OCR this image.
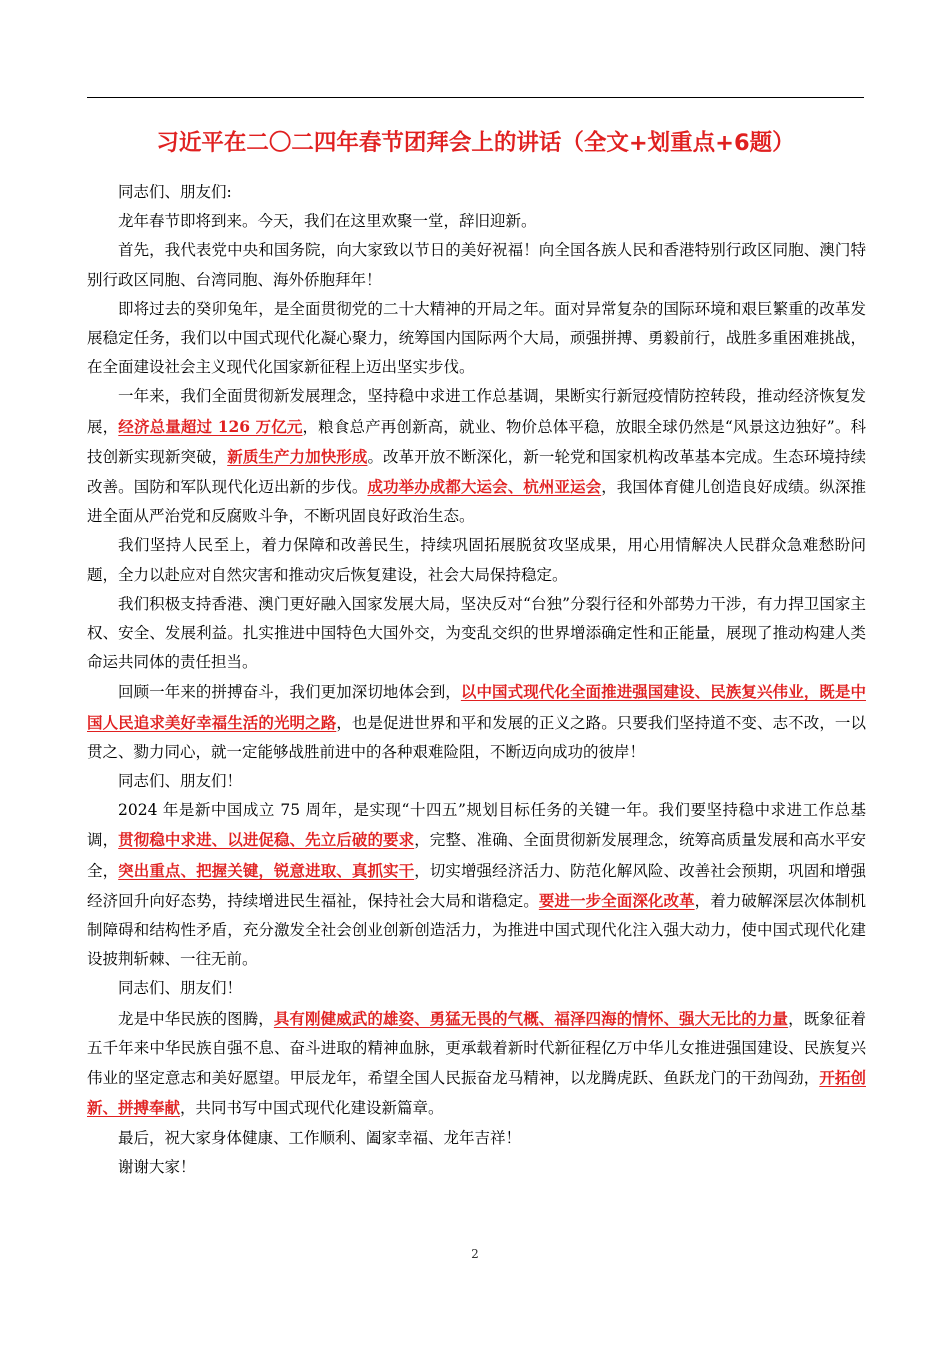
习近平在二〇二四年春节团拜会上的讲话（全文+划重点+6题）

同志们、朋友们:

龙年春节即将到来。今天，我们在这里欢聚一堂，辞旧迎新。

首先，我代表党中央和国务院，向大家致以节日的美好祝福！向全国各族人民和香港特别行政区同胞、澳门特别行政区同胞、台湾同胞、海外侨胞拜年！

即将过去的癸卯兔年，是全面贯彻党的二十大精神的开局之年。面对异常复杂的国际环境和艰巨繁重的改革发展稳定任务，我们以中国式现代化凝心聚力，统筹国内国际两个大局，顽强拼搏、勇毅前行，战胜多重困难挑战，在全面建设社会主义现代化国家新征程上迈出坚实步伐。

一年来，我们全面贯彻新发展理念，坚持稳中求进工作总基调，果断实行新冠疫情防控转段，推动经济恢复发展，经济总量超过 126 万亿元，粮食总产再创新高，就业、物价总体平稳，放眼全球仍然是“风景这边独好”。科技创新实现新突破，新质生产力加快形成。改革开放不断深化，新一轮党和国家机构改革基本完成。生态环境持续改善。国防和军队现代化迈出新的步伐。成功举办成都大运会、杭州亚运会，我国体育健儿创造良好成绩。纵深推进全面从严治党和反腐败斗争，不断巩固良好政治生态。

我们坚持人民至上，着力保障和改善民生，持续巩固拓展脱贫攻坚成果，用心用情解决人民群众急难愁盼问题，全力以赴应对自然灾害和推动灾后恢复建设，社会大局保持稳定。

我们积极支持香港、澳门更好融入国家发展大局，坚决反对“台独”分裂行径和外部势力干涉，有力捍卫国家主权、安全、发展利益。扎实推进中国特色大国外交，为变乱交织的世界增添确定性和正能量，展现了推动构建人类命运共同体的责任担当。

回顾一年来的拼搏奋斗，我们更加深切地体会到，以中国式现代化全面推进强国建设、民族复兴伟业，既是中国人民追求美好幸福生活的光明之路，也是促进世界和平和发展的正义之路。只要我们坚持道不变、志不改，一以贯之、勠力同心，就一定能够战胜前进中的各种艰难险阻，不断迈向成功的彼岸！

同志们、朋友们！

2024 年是新中国成立 75 周年，是实现“十四五”规划目标任务的关键一年。我们要坚持稳中求进工作总基调，贯彻稳中求进、以进促稳、先立后破的要求，完整、准确、全面贯彻新发展理念，统筹高质量发展和高水平安全，突出重点、把握关键，锐意进取、真抓实干，切实增强经济活力、防范化解风险、改善社会预期，巩固和增强经济回升向好态势，持续增进民生福祉，保持社会大局和谐稳定。要进一步全面深化改革，着力破解深层次体制机制障碍和结构性矛盾，充分激发全社会创业创新创造活力，为推进中国式现代化注入强大动力，使中国式现代化建设披荆斩棘、一往无前。

同志们、朋友们！

龙是中华民族的图腾，具有刚健威武的雄姿、勇猛无畏的气概、福泽四海的情怀、强大无比的力量，既象征着五千年来中华民族自强不息、奋斗进取的精神血脉，更承载着新时代新征程亿万中华儿女推进强国建设、民族复兴伟业的坚定意志和美好愿望。甲辰龙年，希望全国人民振奋龙马精神，以龙腾虎跃、鱼跃龙门的干劲闯劲，开拓创新、拼搏奉献，共同书写中国式现代化建设新篇章。

最后，祝大家身体健康、工作顺利、阖家幸福、龙年吉祥！

谢谢大家！

2
